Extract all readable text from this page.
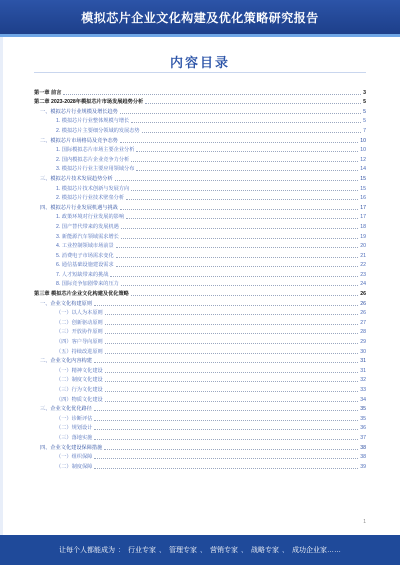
模拟芯片企业文化构建及优化策略研究报告
内容目录
第一章 前言	3
第二章 2023-2028年模拟芯片市场发展趋势分析	5
一、模拟芯片行业规模及增长趋势	5
1. 模拟芯片行业整体规模与增长	5
2. 模拟芯片主要细分领域的发展态势	7
二、模拟芯片市场格局及竞争态势	10
1. 国际模拟芯片市场主要企业分析	10
2. 国内模拟芯片企业竞争力分析	12
3. 模拟芯片行业主要应用领域分布	14
三、模拟芯片技术发展趋势分析	15
1. 模拟芯片技术创新与发展方向	15
2. 模拟芯片行业技术壁垒分析	16
四、模拟芯片行业发展机遇与挑战	17
1. 政策环境对行业发展的影响	17
2. 国产替代带来的发展机遇	18
3. 新能源汽车领域需求增长	19
4. 工业控制领域市场前景	20
5. 消费电子市场需求变化	21
6. 通信基础设施建设需求	22
7. 人才短缺带来的挑战	23
8. 国际竞争加剧带来的压力	24
第三章 模拟芯片企业文化构建及优化策略	26
一、企业文化构建原则	26
（一）以人为本原则	26
（二）创新驱动原则	27
（三）开放协作原则	28
（四）客户导向原则	29
（五）持续改进原则	30
二、企业文化内容构建	31
（一）精神文化建设	31
（二）制度文化建设	32
（三）行为文化建设	33
（四）物质文化建设	34
三、企业文化优化路径	35
（一）诊断评估	35
（二）规划设计	36
（三）落地实施	37
四、企业文化建设保障措施	38
（一）组织保障	38
（二）制度保障	39
1
让每个人都能成为 ： 行业专家 、 管理专家 、 营销专家 、 战略专家 、 成功企业家……
